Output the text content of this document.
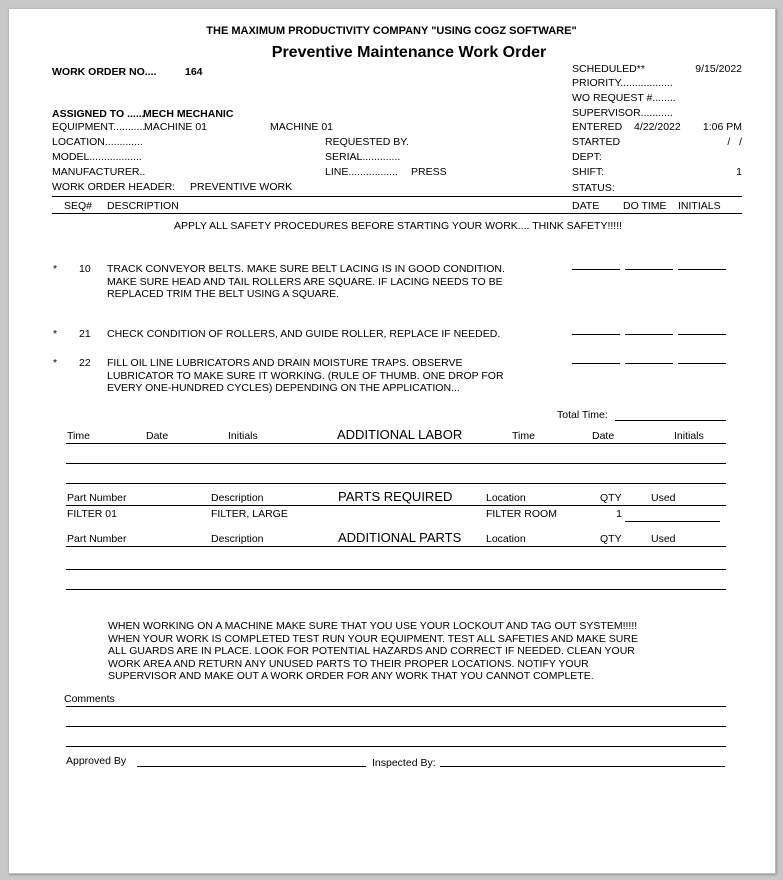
THE MAXIMUM PRODUCTIVITY COMPANY "USING COGZ SOFTWARE"
Preventive Maintenance Work Order
WORK ORDER NO....	164
ASSIGNED TO ......
MECH MECHANIC
EQUIPMENT...........
MACHINE 01	MACHINE 01
LOCATION.............
MODEL..................
MANUFACTURER..
WORK ORDER HEADER: PREVENTIVE WORK
REQUESTED BY.
SERIAL.............
LINE................. PRESS
SCHEDULED**	9/15/2022
PRIORITY..................
WO REQUEST #........
SUPERVISOR...........
ENTERED 4/22/2022	1:06 PM
STARTED	/   /
DEPT:
SHIFT:	1
STATUS:
SEQ# DESCRIPTION	DATE DO TIME INITIALS
APPLY ALL SAFETY PROCEDURES BEFORE STARTING YOUR WORK.... THINK SAFETY!!!!!
* 10 TRACK CONVEYOR BELTS. MAKE SURE BELT LACING IS IN GOOD CONDITION. MAKE SURE HEAD AND TAIL ROLLERS ARE SQUARE. IF LACING NEEDS TO BE REPLACED TRIM THE BELT USING A SQUARE.
* 21 CHECK CONDITION OF ROLLERS, AND GUIDE ROLLER, REPLACE IF NEEDED.
* 22 FILL OIL LINE LUBRICATORS AND DRAIN MOISTURE TRAPS. OBSERVE LUBRICATOR TO MAKE SURE IT WORKING. (RULE OF THUMB. ONE DROP FOR EVERY ONE-HUNDRED CYCLES) DEPENDING ON THE APPLICATION...
Total Time:
Time	Date	Initials	ADDITIONAL LABOR	Time	Date	Initials
Part Number	Description	PARTS REQUIRED	Location	QTY	Used
FILTER 01	FILTER, LARGE	FILTER ROOM	1
Part Number	Description	ADDITIONAL PARTS Location	QTY	Used
WHEN WORKING ON A MACHINE MAKE SURE THAT YOU USE YOUR LOCKOUT AND TAG OUT SYSTEM!!!!! WHEN YOUR WORK IS COMPLETED TEST RUN YOUR EQUIPMENT. TEST ALL SAFETIES AND MAKE SURE ALL GUARDS ARE IN PLACE. LOOK FOR POTENTIAL HAZARDS AND CORRECT IF NEEDED. CLEAN YOUR WORK AREA AND RETURN ANY UNUSED PARTS TO THEIR PROPER LOCATIONS. NOTIFY YOUR SUPERVISOR AND MAKE OUT A WORK ORDER FOR ANY WORK THAT YOU CANNOT COMPLETE.
Comments
Approved By	Inspected By:
